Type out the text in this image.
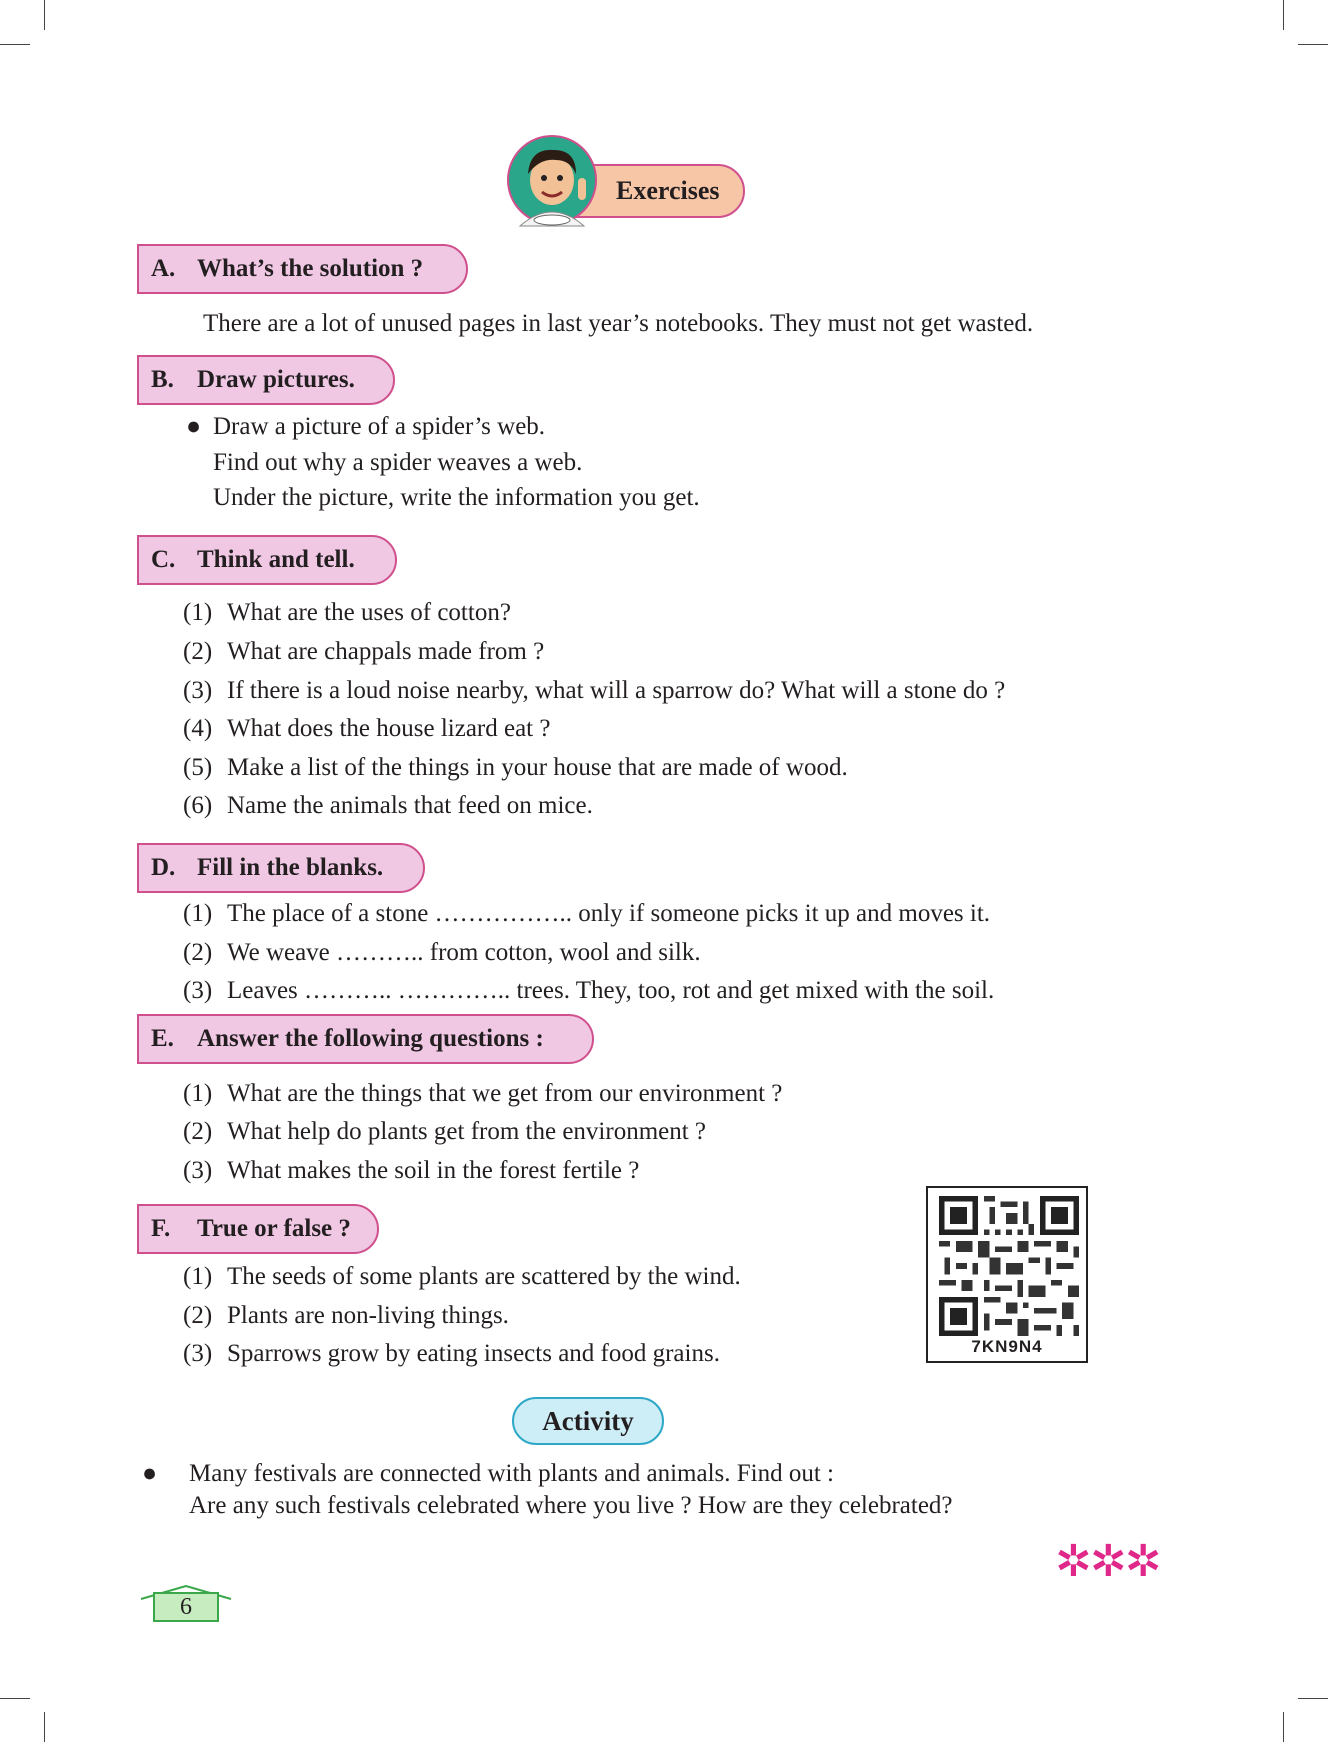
Exercises
A. What’s the solution ?
There are a lot of unused pages in last year’s notebooks. They must not get wasted.
B. Draw pictures.
● Draw a picture of a spider’s web.
Find out why a spider weaves a web.
Under the picture, write the information you get.
C. Think and tell.
(1) What are the uses of cotton?
(2) What are chappals made from ?
(3) If there is a loud noise nearby, what will a sparrow do? What will a stone do ?
(4) What does the house lizard eat ?
(5) Make a list of the things in your house that are made of wood.
(6) Name the animals that feed on mice.
D. Fill in the blanks.
(1) The place of a stone …………….. only if someone picks it up and moves it.
(2) We weave ……….. from cotton, wool and silk.
(3) Leaves ……….. ………….. trees. They, too, rot and get mixed with the soil.
E. Answer the following questions :
(1) What are the things that we get from our environment ?
(2) What help do plants get from the environment ?
(3) What makes the soil in the forest fertile ?
F. True or false ?
(1) The seeds of some plants are scattered by the wind.
(2) Plants are non-living things.
(3) Sparrows grow by eating insects and food grains.	7KN9N4
Activity
● Many festivals are connected with plants and animals. Find out :
Are any such festivals celebrated where you live ? How are they celebrated?
✲✲✲
6
